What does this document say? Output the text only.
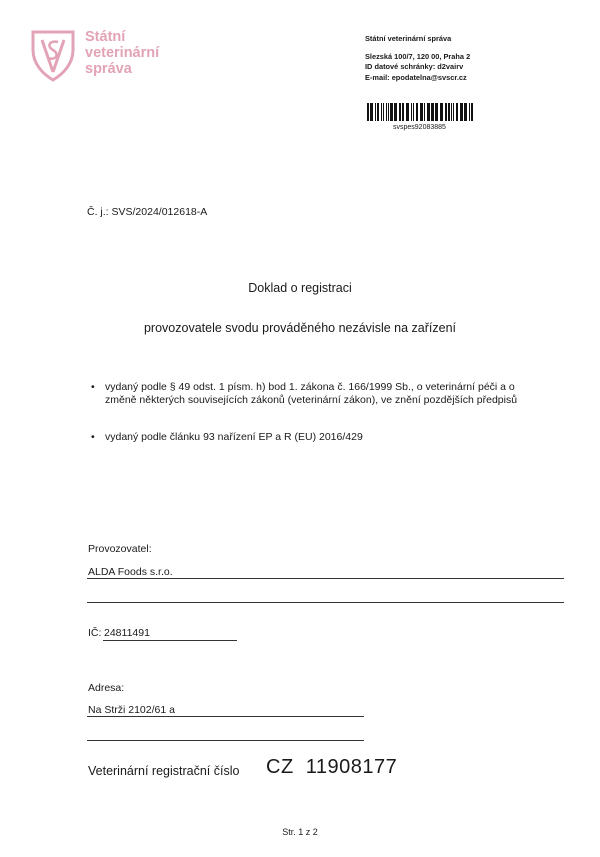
Státní
veterinární
správa
Státní veterinární správa
Slezská 100/7, 120 00, Praha 2
ID datové schránky: d2vairv
E-mail: epodatelna@svscr.cz
svspes92083885
Č. j.: SVS/2024/012618-A
Doklad o registraci
provozovatele svodu prováděného nezávisle na zařízení
• vydaný podle § 49 odst. 1 písm. h) bod 1. zákona č. 166/1999 Sb., o veterinární péči a o změně některých souvisejících zákonů (veterinární zákon), ve znění pozdějších předpisů
• vydaný podle článku 93 nařízení EP a R (EU) 2016/429
Provozovatel:
ALDA Foods s.r.o.
IČ: 24811491
Adresa:
Na Strži 2102/61 a
Veterinární registrační číslo CZ  11908177
Str. 1 z 2
